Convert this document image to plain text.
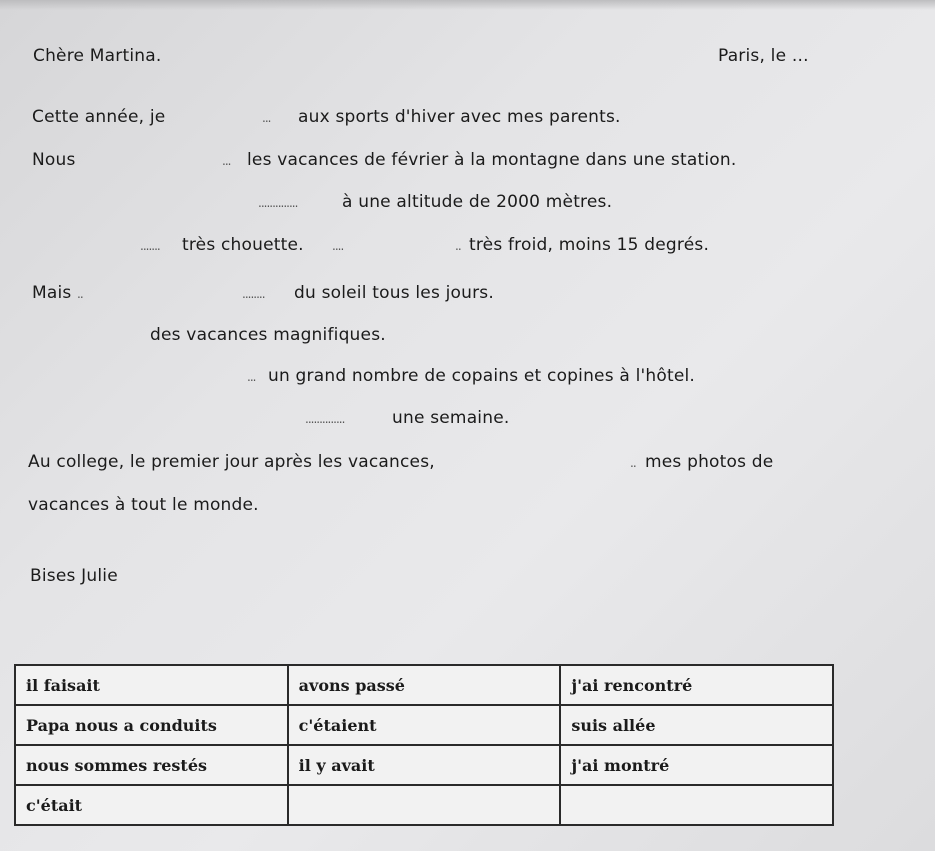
Chère Martina.	Paris, le ...
Cette année, je	... aux sports d'hiver avec mes parents.
Nous	... les vacances de février à la montagne dans une station.
..............	à une altitude de 2000 mètres.
....... très chouette. ....	.. très froid, moins 15 degrés.
Mais ..	........ du soleil tous les jours.
des vacances magnifiques.
... un grand nombre de copains et copines à l'hôtel.
..............	une semaine.
Au college, le premier jour après les vacances,	.. mes photos de
vacances à tout le monde.
Bises Julie
il faisait	avons passé	j'ai rencontré
Papa nous a conduits	c'étaient	suis allée
nous sommes restés	il y avait	j'ai montré
c'était		
